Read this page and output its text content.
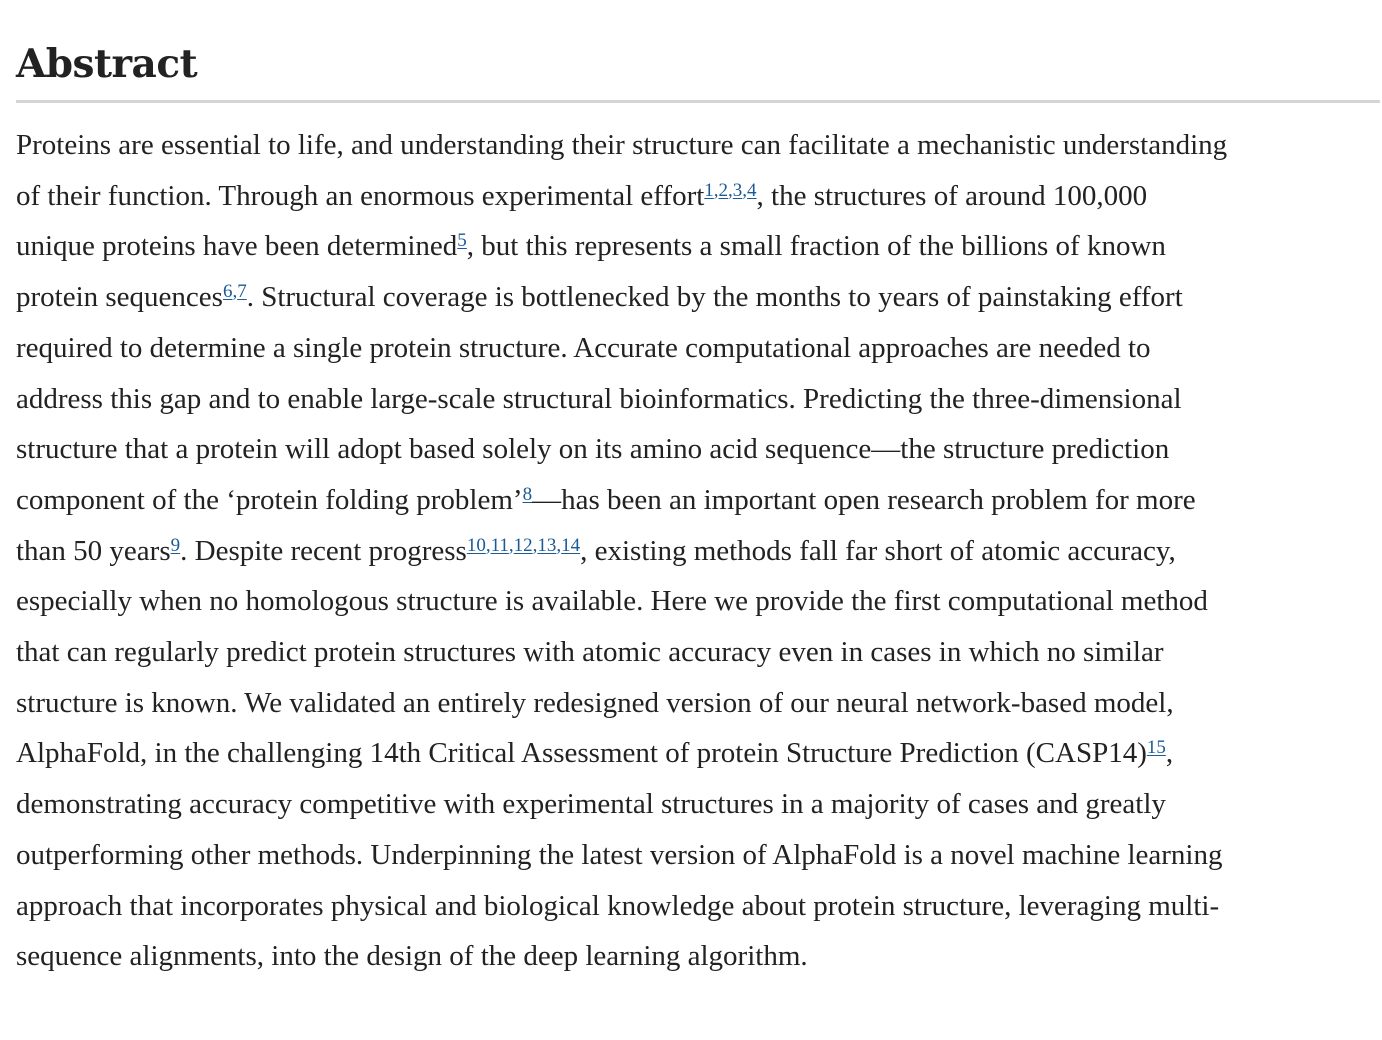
Abstract

Proteins are essential to life, and understanding their structure can facilitate a mechanistic understanding
of their function. Through an enormous experimental effort$^{1,2,3,4}$, the structures of around 100,000
unique proteins have been determined$^5$, but this represents a small fraction of the billions of known
protein sequences$^{6,7}$. Structural coverage is bottlenecked by the months to years of painstaking effort
required to determine a single protein structure. Accurate computational approaches are needed to
address this gap and to enable large-scale structural bioinformatics. Predicting the three-dimensional
structure that a protein will adopt based solely on its amino acid sequence—the structure prediction
component of the ‘protein folding problem’$^8$—has been an important open research problem for more
than 50 years$^9$. Despite recent progress$^{10,11,12,13,14}$, existing methods fall far short of atomic accuracy,
especially when no homologous structure is available. Here we provide the first computational method
that can regularly predict protein structures with atomic accuracy even in cases in which no similar
structure is known. We validated an entirely redesigned version of our neural network-based model,
AlphaFold, in the challenging 14th Critical Assessment of protein Structure Prediction (CASP14)$^{15}$,
demonstrating accuracy competitive with experimental structures in a majority of cases and greatly
outperforming other methods. Underpinning the latest version of AlphaFold is a novel machine learning
approach that incorporates physical and biological knowledge about protein structure, leveraging multi-
sequence alignments, into the design of the deep learning algorithm.
